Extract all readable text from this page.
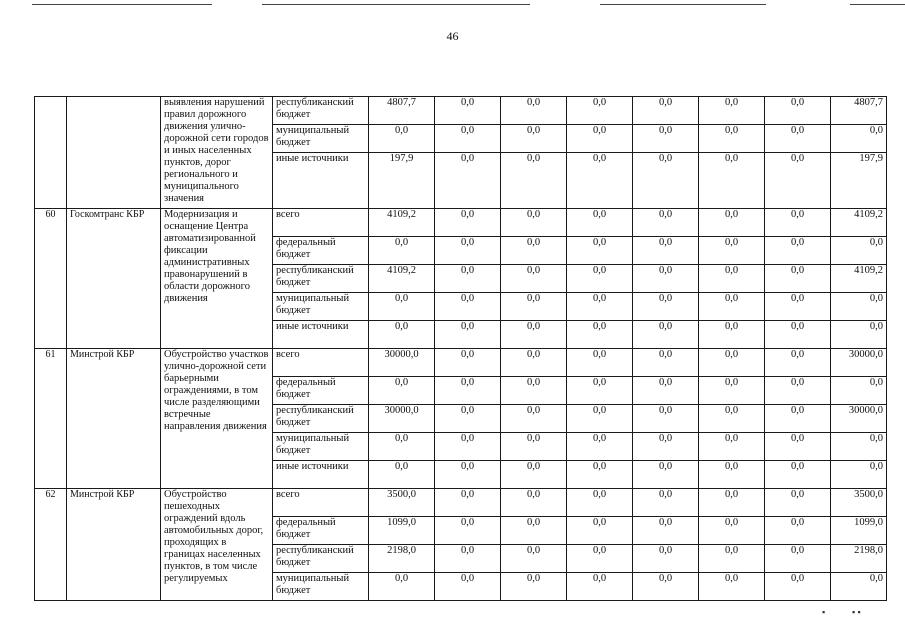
46
		выявления нарушений правил дорожного движения улично-дорожной сети городов и иных населенных пунктов, дорог регионального и муниципального значения	республиканский бюджет	4807,7	0,0	0,0	0,0	0,0	0,0	0,0	4807,7
			муниципальный бюджет	0,0	0,0	0,0	0,0	0,0	0,0	0,0	0,0
			иные источники	197,9	0,0	0,0	0,0	0,0	0,0	0,0	197,9
60	Госкомтранс КБР	Модернизация и оснащение Центра автоматизированной фиксации административных правонарушений в области дорожного движения	всего	4109,2	0,0	0,0	0,0	0,0	0,0	0,0	4109,2
			федеральный бюджет	0,0	0,0	0,0	0,0	0,0	0,0	0,0	0,0
			республиканский бюджет	4109,2	0,0	0,0	0,0	0,0	0,0	0,0	4109,2
			муниципальный бюджет	0,0	0,0	0,0	0,0	0,0	0,0	0,0	0,0
			иные источники	0,0	0,0	0,0	0,0	0,0	0,0	0,0	0,0
61	Минстрой КБР	Обустройство участков улично-дорожной сети барьерными ограждениями, в том числе разделяющими встречные направления движения	всего	30000,0	0,0	0,0	0,0	0,0	0,0	0,0	30000,0
			федеральный бюджет	0,0	0,0	0,0	0,0	0,0	0,0	0,0	0,0
			республиканский бюджет	30000,0	0,0	0,0	0,0	0,0	0,0	0,0	30000,0
			муниципальный бюджет	0,0	0,0	0,0	0,0	0,0	0,0	0,0	0,0
			иные источники	0,0	0,0	0,0	0,0	0,0	0,0	0,0	0,0
62	Минстрой КБР	Обустройство пешеходных ограждений вдоль автомобильных дорог, проходящих в границах населенных пунктов, в том числе регулируемых	всего	3500,0	0,0	0,0	0,0	0,0	0,0	0,0	3500,0
			федеральный бюджет	1099,0	0,0	0,0	0,0	0,0	0,0	0,0	1099,0
			республиканский бюджет	2198,0	0,0	0,0	0,0	0,0	0,0	0,0	2198,0
			муниципальный бюджет	0,0	0,0	0,0	0,0	0,0	0,0	0,0	0,0
▪	▪ ▪
